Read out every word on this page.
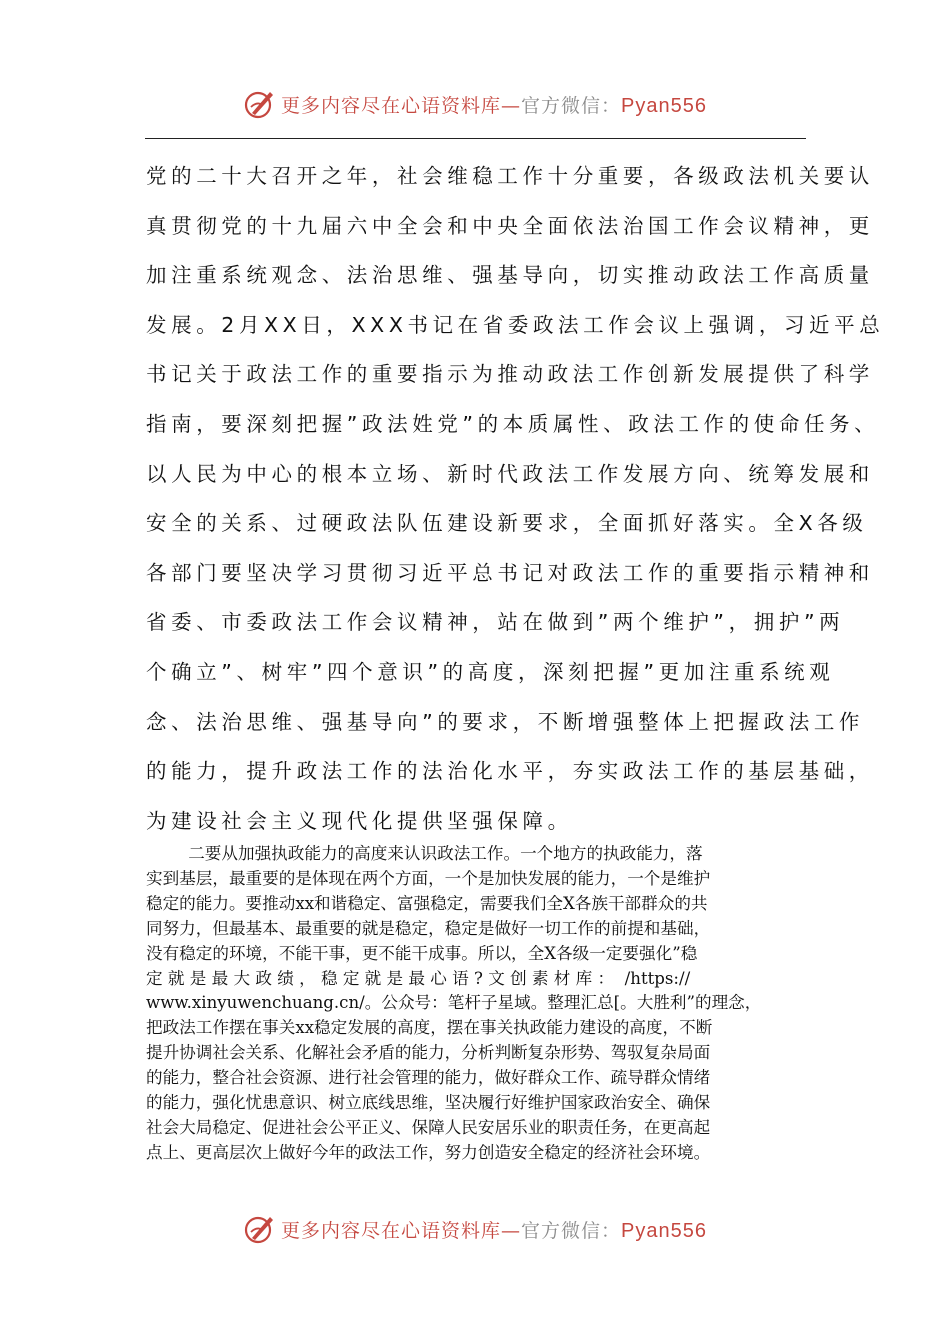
更多内容尽在心语资料库—官方微信：Pyan556
党的二十大召开之年，社会维稳工作十分重要，各级政法机关要认
真贯彻党的十九届六中全会和中央全面依法治国工作会议精神，更
加注重系统观念、法治思维、强基导向，切实推动政法工作高质量
发展。2月XX日，XXX书记在省委政法工作会议上强调，习近平总
书记关于政法工作的重要指示为推动政法工作创新发展提供了科学
指南，要深刻把握”政法姓党”的本质属性、政法工作的使命任务、
以人民为中心的根本立场、新时代政法工作发展方向、统筹发展和
安全的关系、过硬政法队伍建设新要求，全面抓好落实。全X各级
各部门要坚决学习贯彻习近平总书记对政法工作的重要指示精神和
省委、市委政法工作会议精神，站在做到”两个维护”，拥护”两
个确立”、树牢”四个意识”的高度，深刻把握”更加注重系统观
念、法治思维、强基导向”的要求，不断增强整体上把握政法工作
的能力，提升政法工作的法治化水平，夯实政法工作的基层基础，
为建设社会主义现代化提供坚强保障。
二要从加强执政能力的高度来认识政法工作。一个地方的执政能力，落
实到基层，最重要的是体现在两个方面，一个是加快发展的能力，一个是维护
稳定的能力。要推动xx和谐稳定、富强稳定，需要我们全X各族干部群众的共
同努力，但最基本、最重要的就是稳定，稳定是做好一切工作的前提和基础，
没有稳定的环境，不能干事，更不能干成事。所以，全X各级一定要强化”稳
定 就 是 最 大 政 绩 ， 稳 定 就 是 最 心 语 ? 文 创 素 材 库 ：  /https://
www.xinyuwenchuang.cn/。公众号：笔杆子星域。整理汇总[。大胜利”的理念，
把政法工作摆在事关xx稳定发展的高度，摆在事关执政能力建设的高度，不断
提升协调社会关系、化解社会矛盾的能力，分析判断复杂形势、驾驭复杂局面
的能力，整合社会资源、进行社会管理的能力，做好群众工作、疏导群众情绪
的能力，强化忧患意识、树立底线思维，坚决履行好维护国家政治安全、确保
社会大局稳定、促进社会公平正义、保障人民安居乐业的职责任务，在更高起
点上、更高层次上做好今年的政法工作，努力创造安全稳定的经济社会环境。
更多内容尽在心语资料库—官方微信：Pyan556
